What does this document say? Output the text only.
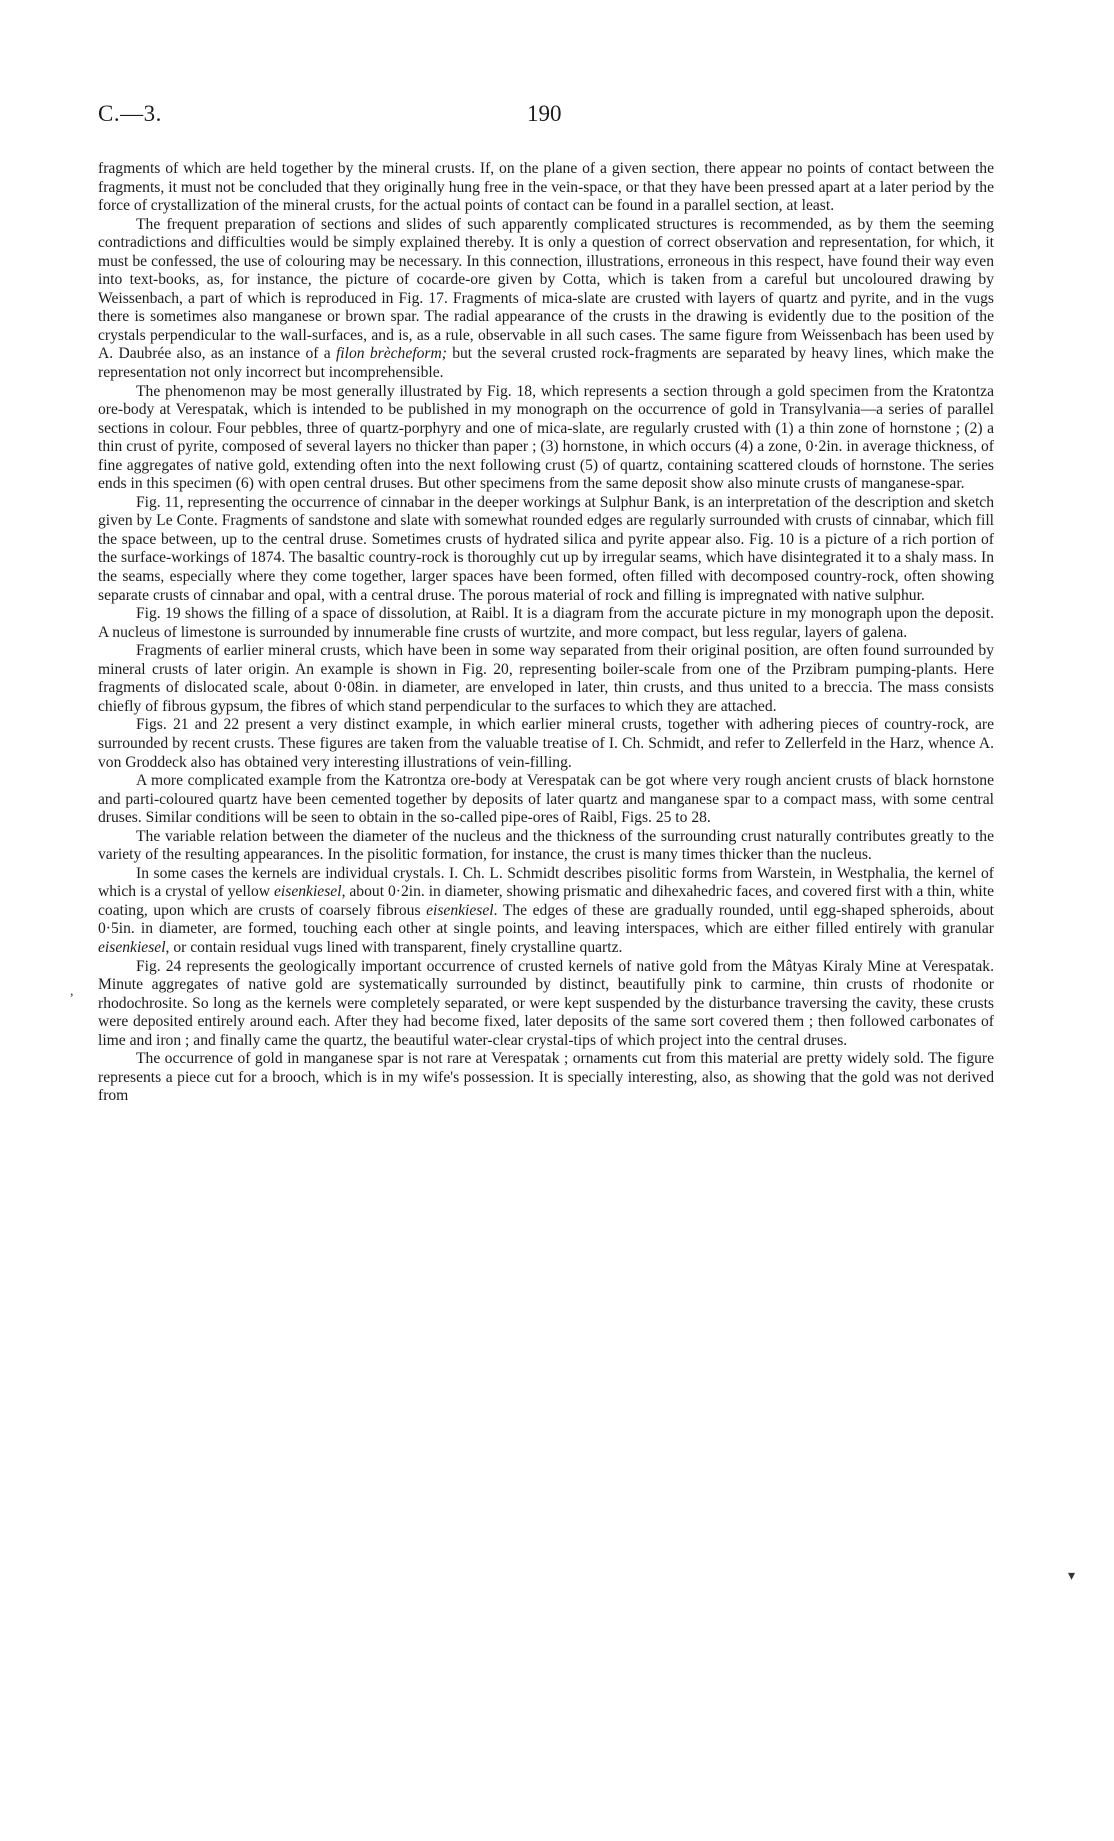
C.—3.	190

fragments of which are held together by the mineral crusts. If, on the plane of a given section, there appear no points of contact between the fragments, it must not be concluded that they originally hung free in the vein-space, or that they have been pressed apart at a later period by the force of crystallization of the mineral crusts, for the actual points of contact can be found in a parallel section, at least.

The frequent preparation of sections and slides of such apparently complicated structures is recommended, as by them the seeming contradictions and difficulties would be simply explained thereby. It is only a question of correct observation and representation, for which, it must be confessed, the use of colouring may be necessary. In this connection, illustrations, erroneous in this respect, have found their way even into text-books, as, for instance, the picture of cocarde-ore given by Cotta, which is taken from a careful but uncoloured drawing by Weissenbach, a part of which is reproduced in Fig. 17. Fragments of mica-slate are crusted with layers of quartz and pyrite, and in the vugs there is sometimes also manganese or brown spar. The radial appearance of the crusts in the drawing is evidently due to the position of the crystals perpendicular to the wall-surfaces, and is, as a rule, observable in all such cases. The same figure from Weissenbach has been used by A. Daubrée also, as an instance of a filon brècheform; but the several crusted rock-fragments are separated by heavy lines, which make the representation not only incorrect but incomprehensible.

The phenomenon may be most generally illustrated by Fig. 18, which represents a section through a gold specimen from the Kratontza ore-body at Verespatak, which is intended to be published in my monograph on the occurrence of gold in Transylvania—a series of parallel sections in colour. Four pebbles, three of quartz-porphyry and one of mica-slate, are regularly crusted with (1) a thin zone of hornstone ; (2) a thin crust of pyrite, composed of several layers no thicker than paper ; (3) hornstone, in which occurs (4) a zone, 0·2in. in average thickness, of fine aggregates of native gold, extending often into the next following crust (5) of quartz, containing scattered clouds of hornstone. The series ends in this specimen (6) with open central druses. But other specimens from the same deposit show also minute crusts of manganese-spar.

Fig. 11, representing the occurrence of cinnabar in the deeper workings at Sulphur Bank, is an interpretation of the description and sketch given by Le Conte. Fragments of sandstone and slate with somewhat rounded edges are regularly surrounded with crusts of cinnabar, which fill the space between, up to the central druse. Sometimes crusts of hydrated silica and pyrite appear also. Fig. 10 is a picture of a rich portion of the surface-workings of 1874. The basaltic country-rock is thoroughly cut up by irregular seams, which have disintegrated it to a shaly mass. In the seams, especially where they come together, larger spaces have been formed, often filled with decomposed country-rock, often showing separate crusts of cinnabar and opal, with a central druse. The porous material of rock and filling is impregnated with native sulphur.

Fig. 19 shows the filling of a space of dissolution, at Raibl. It is a diagram from the accurate picture in my monograph upon the deposit. A nucleus of limestone is surrounded by innumerable fine crusts of wurtzite, and more compact, but less regular, layers of galena.

Fragments of earlier mineral crusts, which have been in some way separated from their original position, are often found surrounded by mineral crusts of later origin. An example is shown in Fig. 20, representing boiler-scale from one of the Przibram pumping-plants. Here fragments of dislocated scale, about 0·08in. in diameter, are enveloped in later, thin crusts, and thus united to a breccia. The mass consists chiefly of fibrous gypsum, the fibres of which stand perpendicular to the surfaces to which they are attached.

Figs. 21 and 22 present a very distinct example, in which earlier mineral crusts, together with adhering pieces of country-rock, are surrounded by recent crusts. These figures are taken from the valuable treatise of I. Ch. Schmidt, and refer to Zellerfeld in the Harz, whence A. von Groddeck also has obtained very interesting illustrations of vein-filling.

A more complicated example from the Katrontza ore-body at Verespatak can be got where very rough ancient crusts of black hornstone and parti-coloured quartz have been cemented together by deposits of later quartz and manganese spar to a compact mass, with some central druses. Similar conditions will be seen to obtain in the so-called pipe-ores of Raibl, Figs. 25 to 28.

The variable relation between the diameter of the nucleus and the thickness of the surrounding crust naturally contributes greatly to the variety of the resulting appearances. In the pisolitic formation, for instance, the crust is many times thicker than the nucleus.

In some cases the kernels are individual crystals. I. Ch. L. Schmidt describes pisolitic forms from Warstein, in Westphalia, the kernel of which is a crystal of yellow eisenkiesel, about 0·2in. in diameter, showing prismatic and dihexahedric faces, and covered first with a thin, white coating, upon which are crusts of coarsely fibrous eisenkiesel. The edges of these are gradually rounded, until egg-shaped spheroids, about 0·5in. in diameter, are formed, touching each other at single points, and leaving interspaces, which are either filled entirely with granular eisenkiesel, or contain residual vugs lined with transparent, finely crystalline quartz.

Fig. 24 represents the geologically important occurrence of crusted kernels of native gold from the Mâtyas Kiraly Mine at Verespatak. Minute aggregates of native gold are systematically surrounded by distinct, beautifully pink to carmine, thin crusts of rhodonite or rhodochrosite. So long as the kernels were completely separated, or were kept suspended by the disturbance traversing the cavity, these crusts were deposited entirely around each. After they had become fixed, later deposits of the same sort covered them ; then followed carbonates of lime and iron ; and finally came the quartz, the beautiful water-clear crystal-tips of which project into the central druses.

The occurrence of gold in manganese spar is not rare at Verespatak ; ornaments cut from this material are pretty widely sold. The figure represents a piece cut for a brooch, which is in my wife's possession. It is specially interesting, also, as showing that the gold was not derived from

,
▾
